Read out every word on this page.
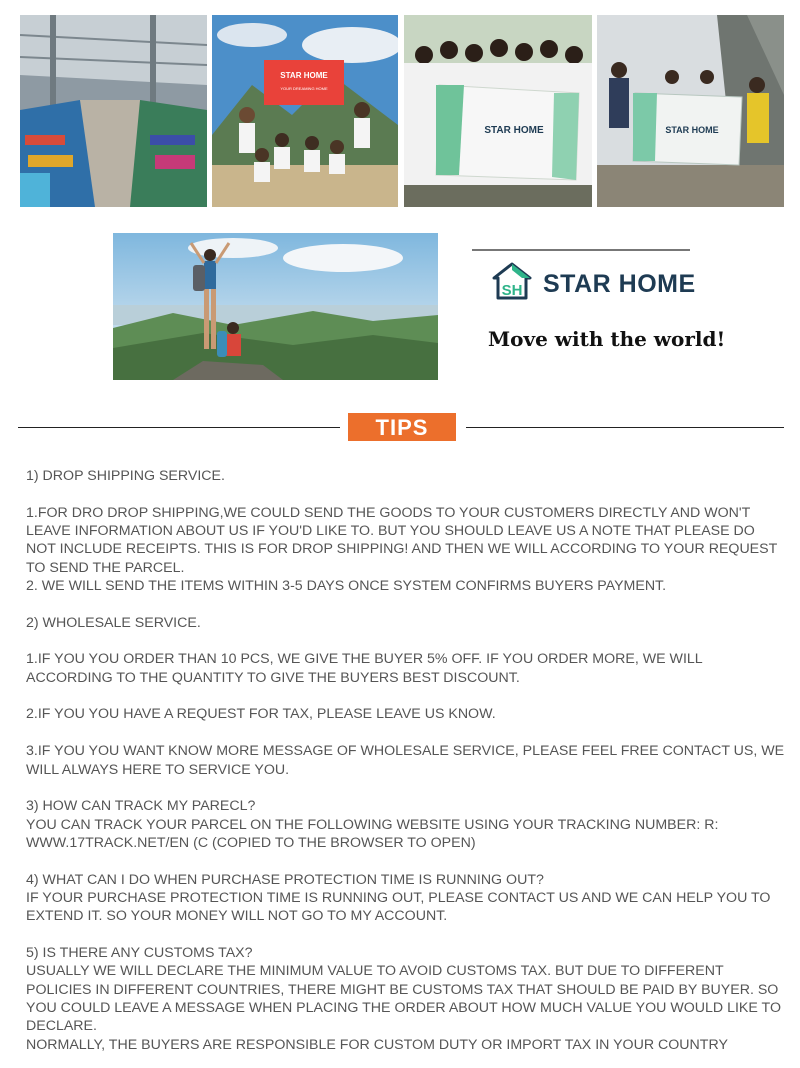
STAR HOME
YOUR DREAMING HOME
STAR HOME	STAR HOME
SH STAR HOME
Move with the world!
TIPS

1) DROP SHIPPING SERVICE.

1.FOR DRO DROP SHIPPING,WE COULD SEND THE GOODS TO YOUR CUSTOMERS DIRECTLY AND WON'T LEAVE INFORMATION ABOUT US IF YOU'D LIKE TO. BUT YOU SHOULD LEAVE US A NOTE THAT PLEASE DO NOT INCLUDE RECEIPTS. THIS IS FOR DROP SHIPPING! AND THEN WE WILL ACCORDING TO YOUR REQUEST TO SEND THE PARCEL.

2. WE WILL SEND THE ITEMS WITHIN 3-5 DAYS ONCE SYSTEM CONFIRMS BUYERS PAYMENT.

2) WHOLESALE SERVICE.

1.IF YOU YOU ORDER THAN 10 PCS, WE GIVE THE BUYER 5% OFF. IF YOU ORDER MORE, WE WILL ACCORDING TO THE QUANTITY TO GIVE THE BUYERS BEST DISCOUNT.

2.IF YOU YOU HAVE A REQUEST FOR TAX, PLEASE LEAVE US KNOW.

3.IF YOU YOU WANT KNOW MORE MESSAGE OF WHOLESALE SERVICE, PLEASE FEEL FREE CONTACT US, WE WILL ALWAYS HERE TO SERVICE YOU.

3) HOW CAN TRACK MY PARECL?

YOU CAN TRACK YOUR PARCEL ON THE FOLLOWING WEBSITE USING YOUR TRACKING NUMBER: R: WWW.17TRACK.NET/EN (C (COPIED TO THE BROWSER TO OPEN)

4) WHAT CAN I DO WHEN PURCHASE PROTECTION TIME IS RUNNING OUT?

IF YOUR PURCHASE PROTECTION TIME IS RUNNING OUT, PLEASE CONTACT US AND WE CAN HELP YOU TO EXTEND IT. SO YOUR MONEY WILL NOT GO TO MY ACCOUNT.

5) IS THERE ANY CUSTOMS TAX?

USUALLY WE WILL DECLARE THE MINIMUM VALUE TO AVOID CUSTOMS TAX. BUT DUE TO DIFFERENT POLICIES IN DIFFERENT COUNTRIES, THERE MIGHT BE CUSTOMS TAX THAT SHOULD BE PAID BY BUYER. SO YOU COULD LEAVE A MESSAGE WHEN PLACING THE ORDER ABOUT HOW MUCH VALUE YOU WOULD LIKE TO DECLARE.

NORMALLY, THE BUYERS ARE RESPONSIBLE FOR CUSTOM DUTY OR IMPORT TAX IN YOUR COUNTRY
